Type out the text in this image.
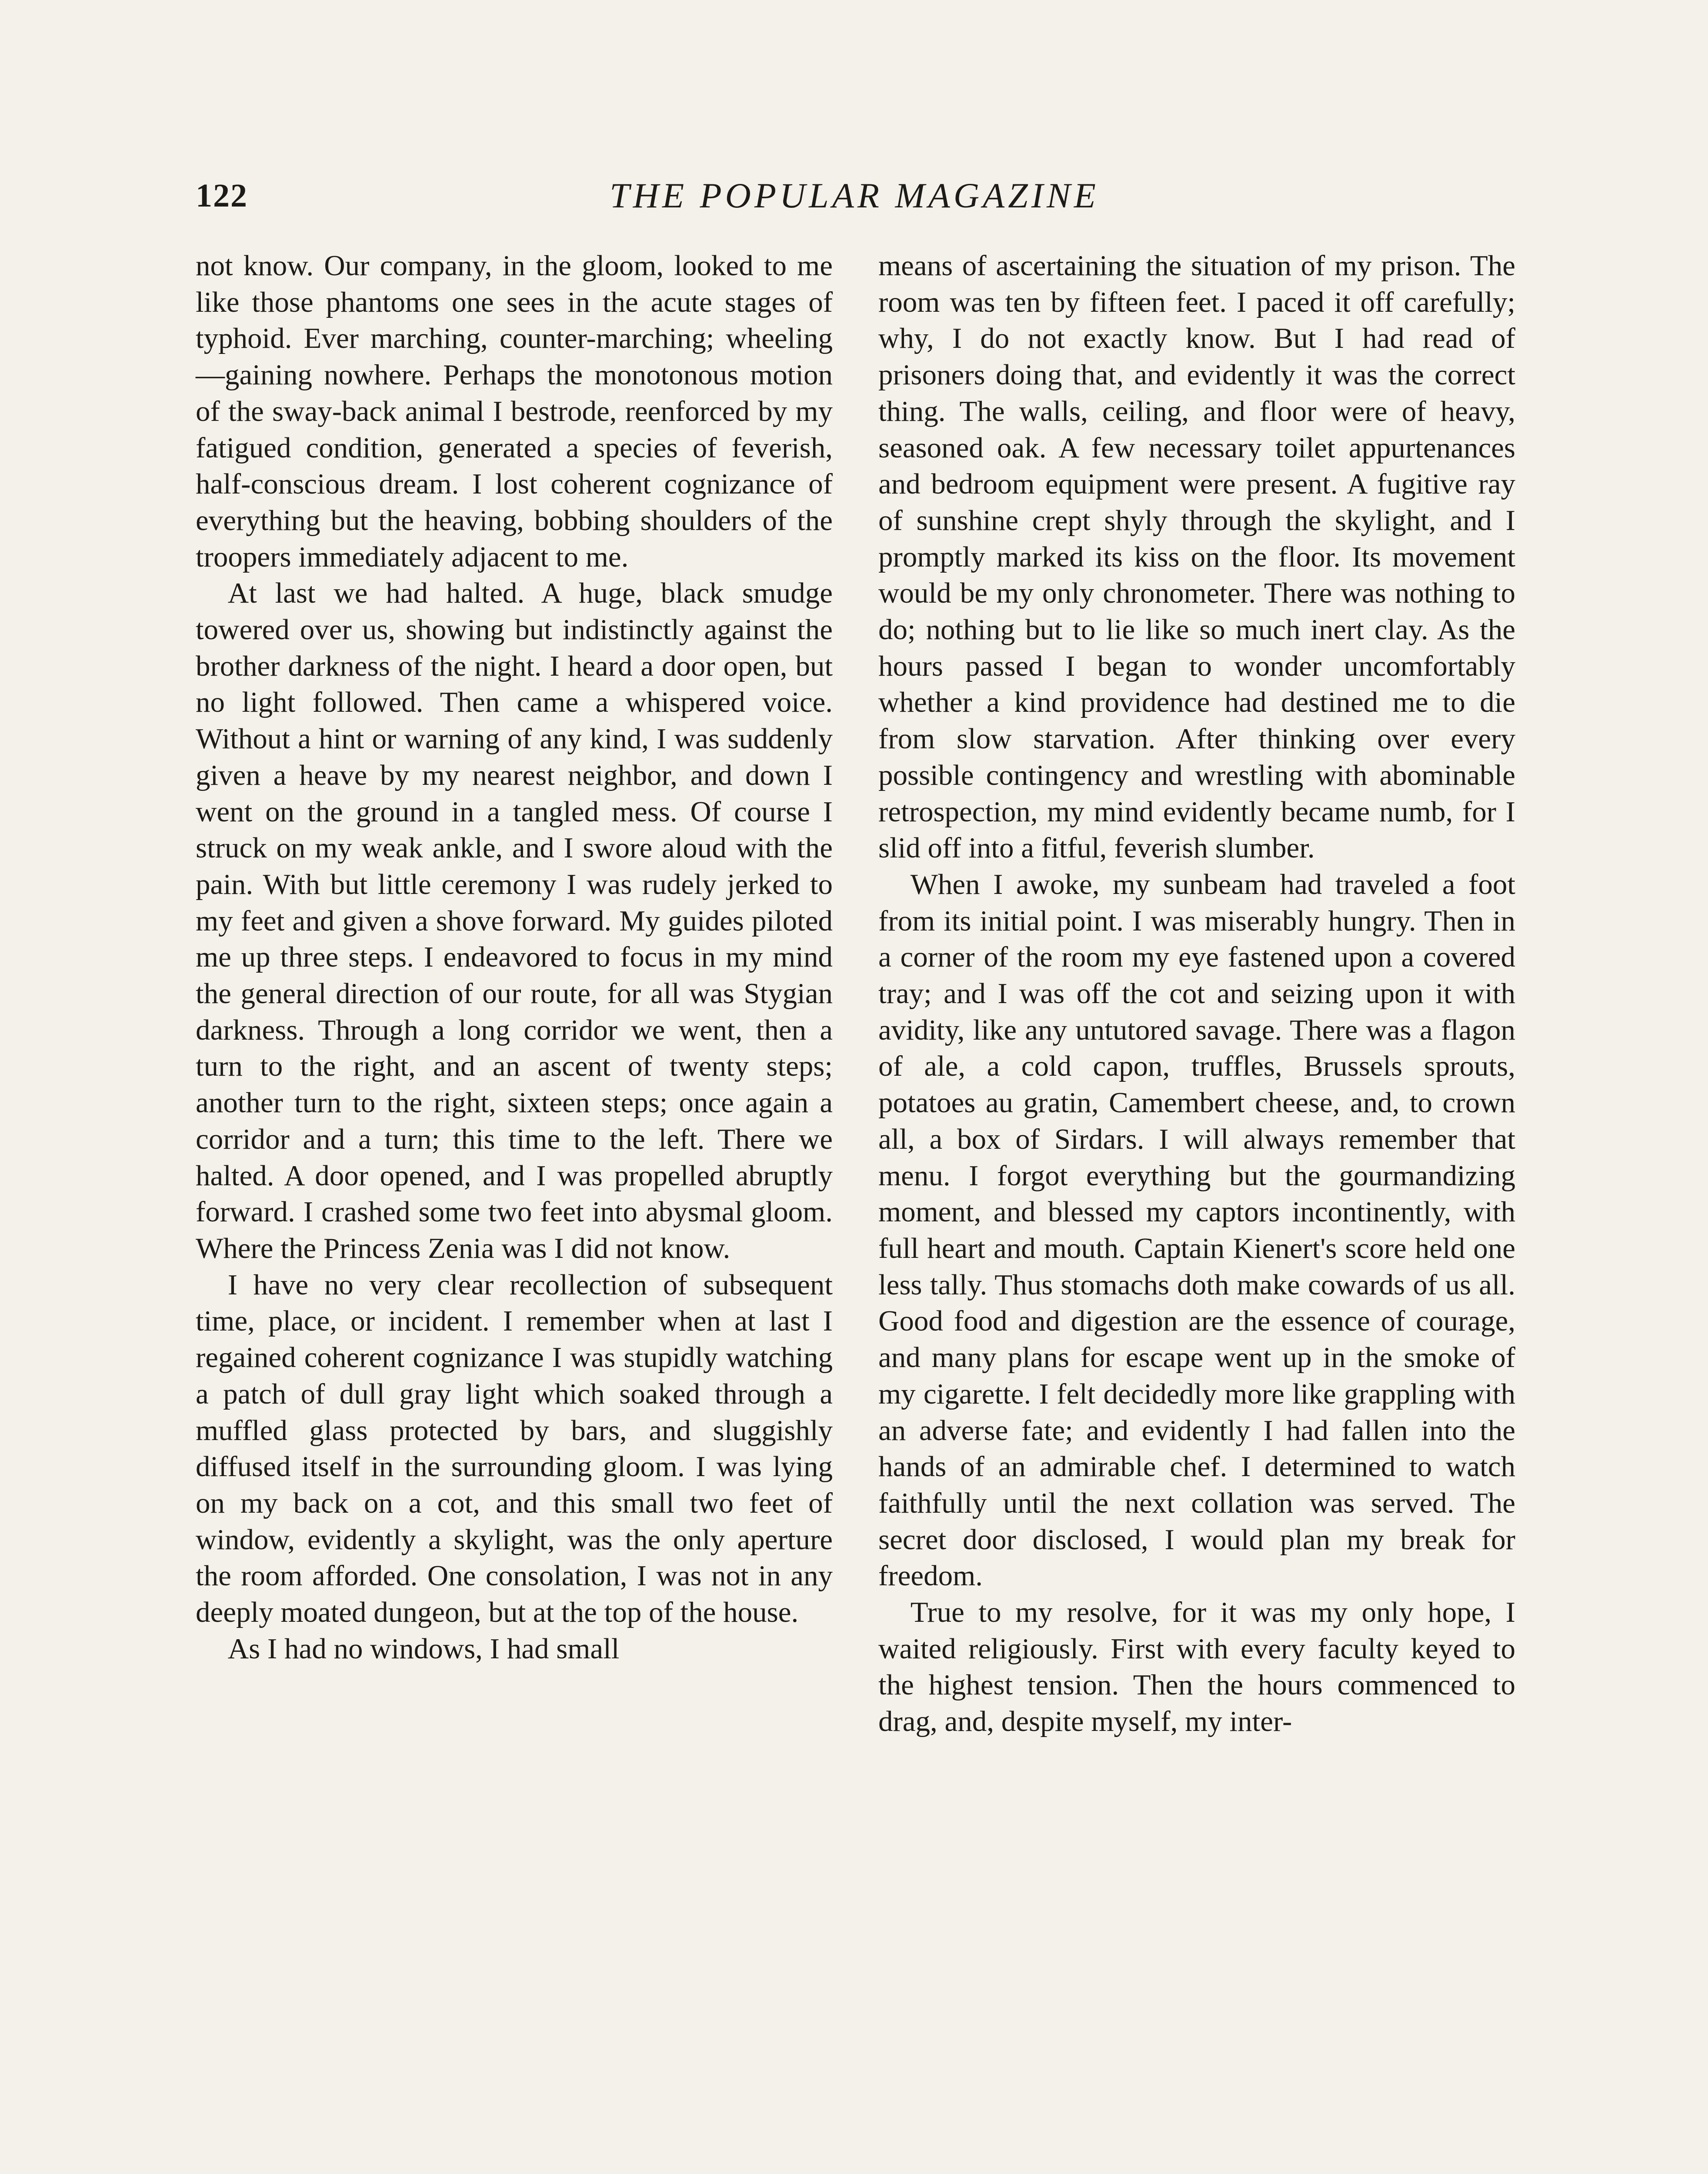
122	THE POPULAR MAGAZINE

not know. Our company, in the gloom, looked to me like those phantoms one sees in the acute stages of typhoid. Ever marching, counter-marching; wheeling—gaining nowhere. Perhaps the monotonous motion of the sway-back animal I bestrode, reenforced by my fatigued condition, generated a species of feverish, half-conscious dream. I lost coherent cognizance of everything but the heaving, bobbing shoulders of the troopers immediately adjacent to me.

At last we had halted. A huge, black smudge towered over us, showing but indistinctly against the brother darkness of the night. I heard a door open, but no light followed. Then came a whispered voice. Without a hint or warning of any kind, I was suddenly given a heave by my nearest neighbor, and down I went on the ground in a tangled mess. Of course I struck on my weak ankle, and I swore aloud with the pain. With but little ceremony I was rudely jerked to my feet and given a shove forward. My guides piloted me up three steps. I endeavored to focus in my mind the general direction of our route, for all was Stygian darkness. Through a long corridor we went, then a turn to the right, and an ascent of twenty steps; another turn to the right, sixteen steps; once again a corridor and a turn; this time to the left. There we halted. A door opened, and I was propelled abruptly forward. I crashed some two feet into abysmal gloom. Where the Princess Zenia was I did not know.

I have no very clear recollection of subsequent time, place, or incident. I remember when at last I regained coherent cognizance I was stupidly watching a patch of dull gray light which soaked through a muffled glass protected by bars, and sluggishly diffused itself in the surrounding gloom. I was lying on my back on a cot, and this small two feet of window, evidently a skylight, was the only aperture the room afforded. One consolation, I was not in any deeply moated dungeon, but at the top of the house.

As I had no windows, I had small

means of ascertaining the situation of my prison. The room was ten by fifteen feet. I paced it off carefully; why, I do not exactly know. But I had read of prisoners doing that, and evidently it was the correct thing. The walls, ceiling, and floor were of heavy, seasoned oak. A few necessary toilet appurtenances and bedroom equipment were present. A fugitive ray of sunshine crept shyly through the skylight, and I promptly marked its kiss on the floor. Its movement would be my only chronometer. There was nothing to do; nothing but to lie like so much inert clay. As the hours passed I began to wonder uncomfortably whether a kind providence had destined me to die from slow starvation. After thinking over every possible contingency and wrestling with abominable retrospection, my mind evidently became numb, for I slid off into a fitful, feverish slumber.

When I awoke, my sunbeam had traveled a foot from its initial point. I was miserably hungry. Then in a corner of the room my eye fastened upon a covered tray; and I was off the cot and seizing upon it with avidity, like any untutored savage. There was a flagon of ale, a cold capon, truffles, Brussels sprouts, potatoes au gratin, Camembert cheese, and, to crown all, a box of Sirdars. I will always remember that menu. I forgot everything but the gourmandizing moment, and blessed my captors incontinently, with full heart and mouth. Captain Kienert's score held one less tally. Thus stomachs doth make cowards of us all. Good food and digestion are the essence of courage, and many plans for escape went up in the smoke of my cigarette. I felt decidedly more like grappling with an adverse fate; and evidently I had fallen into the hands of an admirable chef. I determined to watch faithfully until the next collation was served. The secret door disclosed, I would plan my break for freedom.

True to my resolve, for it was my only hope, I waited religiously. First with every faculty keyed to the highest tension. Then the hours commenced to drag, and, despite myself, my inter-
